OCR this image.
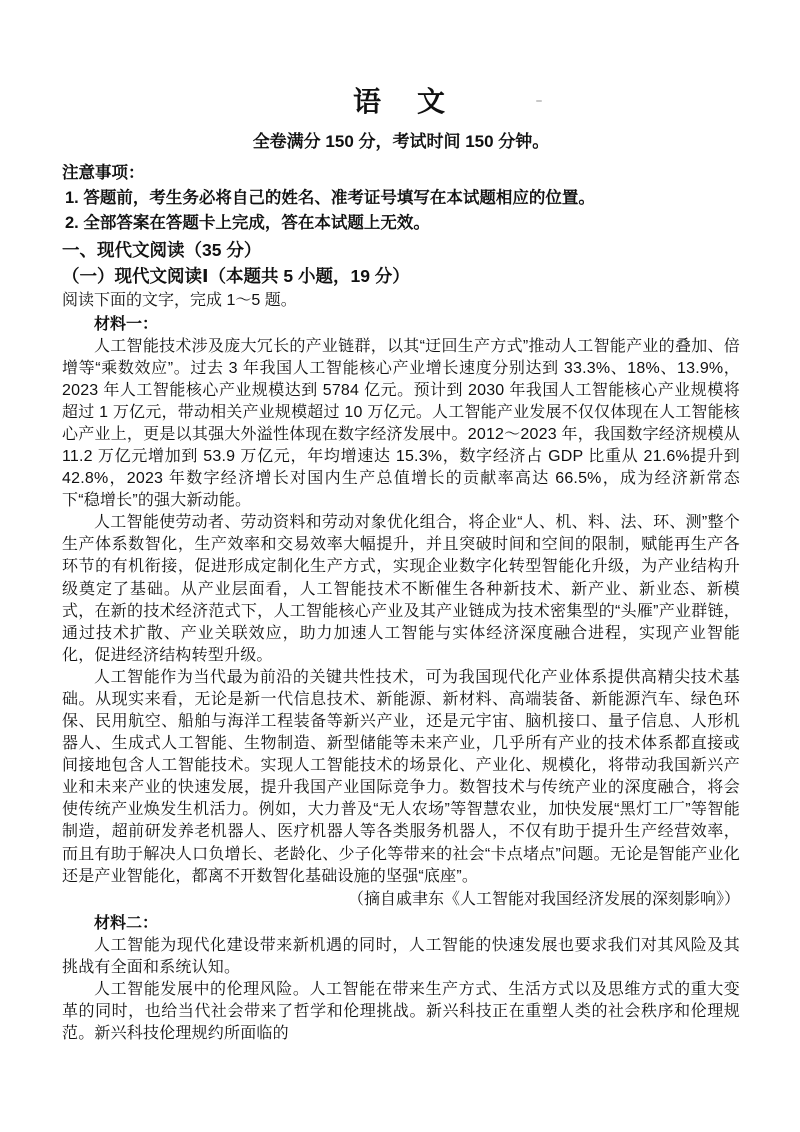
语　文

全卷满分 150 分，考试时间 150 分钟。

注意事项：

1. 答题前，考生务必将自己的姓名、准考证号填写在本试题相应的位置。

2. 全部答案在答题卡上完成，答在本试题上无效。

一、现代文阅读（35 分）
（一）现代文阅读Ⅰ（本题共 5 小题，19 分）

阅读下面的文字，完成 1～5 题。

材料一：

人工智能技术涉及庞大冗长的产业链群，以其“迂回生产方式”推动人工智能产业的叠加、倍增等“乘数效应”。过去 3 年我国人工智能核心产业增长速度分别达到 33.3%、18%、13.9%，2023 年人工智能核心产业规模达到 5784 亿元。预计到 2030 年我国人工智能核心产业规模将超过 1 万亿元，带动相关产业规模超过 10 万亿元。人工智能产业发展不仅仅体现在人工智能核心产业上，更是以其强大外溢性体现在数字经济发展中。2012～2023 年，我国数字经济规模从 11.2 万亿元增加到 53.9 万亿元，年均增速达 15.3%，数字经济占 GDP 比重从 21.6%提升到 42.8%，2023 年数字经济增长对国内生产总值增长的贡献率高达 66.5%，成为经济新常态下“稳增长”的强大新动能。

人工智能使劳动者、劳动资料和劳动对象优化组合，将企业“人、机、料、法、环、测”整个生产体系数智化，生产效率和交易效率大幅提升，并且突破时间和空间的限制，赋能再生产各环节的有机衔接，促进形成定制化生产方式，实现企业数字化转型智能化升级，为产业结构升级奠定了基础。从产业层面看，人工智能技术不断催生各种新技术、新产业、新业态、新模式，在新的技术经济范式下，人工智能核心产业及其产业链成为技术密集型的“头雁”产业群链，通过技术扩散、产业关联效应，助力加速人工智能与实体经济深度融合进程，实现产业智能化，促进经济结构转型升级。

人工智能作为当代最为前沿的关键共性技术，可为我国现代化产业体系提供高精尖技术基础。从现实来看，无论是新一代信息技术、新能源、新材料、高端装备、新能源汽车、绿色环保、民用航空、船舶与海洋工程装备等新兴产业，还是元宇宙、脑机接口、量子信息、人形机器人、生成式人工智能、生物制造、新型储能等未来产业，几乎所有产业的技术体系都直接或间接地包含人工智能技术。实现人工智能技术的场景化、产业化、规模化，将带动我国新兴产业和未来产业的快速发展，提升我国产业国际竞争力。数智技术与传统产业的深度融合，将会使传统产业焕发生机活力。例如，大力普及“无人农场”等智慧农业，加快发展“黑灯工厂”等智能制造，超前研发养老机器人、医疗机器人等各类服务机器人，不仅有助于提升生产经营效率，而且有助于解决人口负增长、老龄化、少子化等带来的社会“卡点堵点”问题。无论是智能产业化还是产业智能化，都离不开数智化基础设施的坚强“底座”。

（摘自戚聿东《人工智能对我国经济发展的深刻影响》）

材料二：

人工智能为现代化建设带来新机遇的同时，人工智能的快速发展也要求我们对其风险及其挑战有全面和系统认知。

人工智能发展中的伦理风险。人工智能在带来生产方式、生活方式以及思维方式的重大变革的同时，也给当代社会带来了哲学和伦理挑战。新兴科技正在重塑人类的社会秩序和伦理规范。新兴科技伦理规约所面临的
